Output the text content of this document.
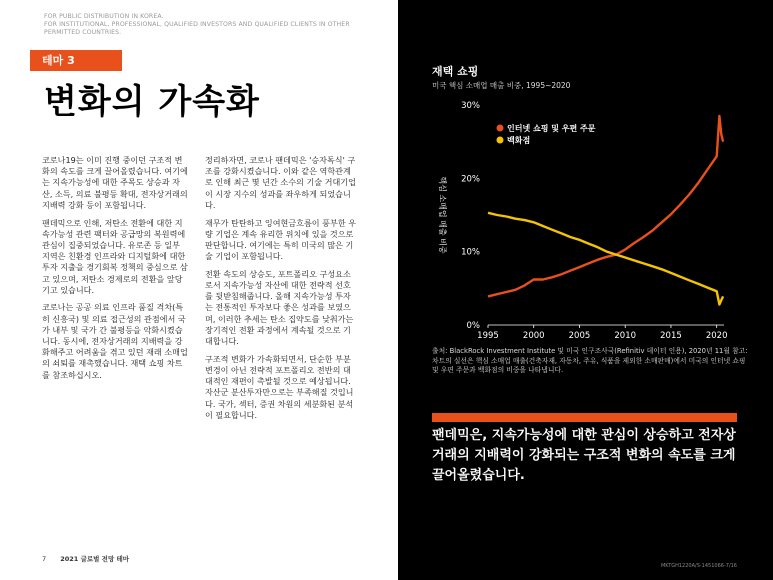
FOR PUBLIC DISTRIBUTION IN KOREA.
FOR INSTITUTIONAL, PROFESSIONAL, QUALIFIED INVESTORS AND QUALIFIED CLIENTS IN OTHER PERMITTED COUNTRIES.
테마 3
변화의 가속화

코로나19는 이미 진행 중이던 구조적 변화의 속도를 크게 끌어올렸습니다. 여기에는 지속가능성에 대한 주목도 상승과 자산, 소득, 의료 불평등 확대, 전자상거래의 지배력 강화 등이 포함됩니다.

팬데믹으로 인해, 저탄소 전환에 대한 지속가능성 관련 팩터와 공급망의 복원력에 관심이 집중되었습니다. 유로존 등 일부 지역은 친환경 인프라와 디지털화에 대한 투자 지출을 경기회복 정책의 중심으로 삼고 있으며, 저탄소 경제로의 전환을 앞당기고 있습니다.

코로나는 공공 의료 인프라 품질 격차(특히 신흥국) 및 의료 접근성의 관점에서 국가 내부 및 국가 간 불평등을 악화시켰습니다. 동시에, 전자상거래의 지배력을 강화해주고 어려움을 겪고 있던 재래 소매업의 쇠퇴를 재촉했습니다. 재택 쇼핑 차트를 참조하십시오.

정리하자면, 코로나 팬데믹은 '승자독식' 구조를 강화시켰습니다. 이와 같은 역학관계로 인해 최근 몇 년간 소수의 기술 거대기업이 시장 지수의 성과를 좌우하게 되었습니다.

재무가 탄탄하고 잉여현금흐름이 풍부한 우량 기업은 계속 유리한 위치에 있을 것으로 판단합니다. 여기에는 특히 미국의 많은 기술 기업이 포함됩니다.

전환 속도의 상승도, 포트폴리오 구성요소로서 지속가능성 자산에 대한 전략적 선호를 뒷받침해줍니다. 올해 지속가능성 투자는 전통적인 투자보다 좋은 성과를 보였으며, 이러한 추세는 탄소 집약도를 낮춰가는 장기적인 전환 과정에서 계속될 것으로 기대합니다.

구조적 변화가 가속화되면서, 단순한 부분 변경이 아닌 전략적 포트폴리오 전반의 대대적인 재편이 촉발될 것으로 예상됩니다. 자산군 분산투자만으로는 부족해질 것입니다. 국가, 섹터, 증권 차원의 세분화된 분석이 필요합니다.

7 2021 글로벌 전망 테마
재택 쇼핑
미국 핵심 소매업 매출 비중, 1995~2020
0%
10%
20%
30%
1995	2000	2005	2010	2015	2020
핵심 소매업 매출 비중
인터넷 쇼핑 및 우편 주문
백화점
출처: BlackRock Investment Institute 및 미국 인구조사국(Refinitiv 데이터 인용), 2020년 11월 참고: 차트의 실선은 핵심 소매업 매출(건축자재, 자동차, 주유, 식품을 제외한 소매판매)에서 미국의 인터넷 쇼핑 및 우편 주문과 백화점의 비중을 나타냅니다.
팬데믹은, 지속가능성에 대한 관심이 상승하고 전자상거래의 지배력이 강화되는 구조적 변화의 속도를 크게 끌어올렸습니다.
MKTGH1220A/S-1451066-7/16
